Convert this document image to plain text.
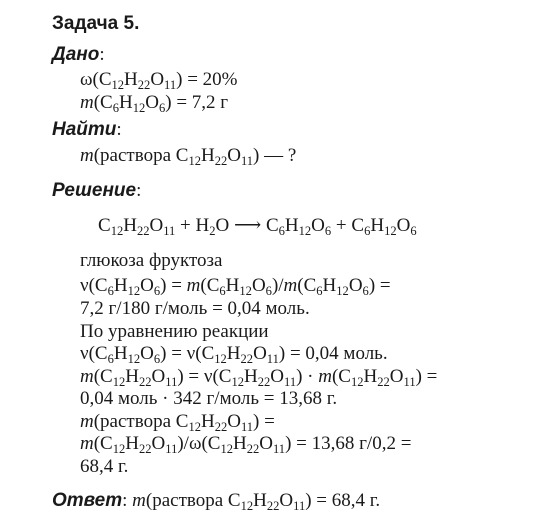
Задача 5.
Дано:
$\omega(C_{12}H_{22}O_{11}) = 20\%$
$m(C_6H_{12}O_6) = 7,2$ г
Найти:
m(раствора $C_{12}H_{22}O_{11}$) — ?
Решение:
$C_{12}H_{22}O_{11} + H_2O$ ⟶ $C_6H_{12}O_6 + C_6H_{12}O_6$
глюкоза фруктоза
$\nu(C_6H_{12}O_6) = m(C_6H_{12}O_6)/m(C_6H_{12}O_6)$ =
7,2 г/180 г/моль = 0,04 моль.
По уравнению реакции
$\nu(C_6H_{12}O_6) = \nu(C_{12}H_{22}O_{11}) = 0,04$ моль.
$m(C_{12}H_{22}O_{11}) = \nu(C_{12}H_{22}O_{11}) \cdot m(C_{12}H_{22}O_{11})$ =
0,04 моль · 342 г/моль = 13,68 г.
m(раствора $C_{12}H_{22}O_{11}$) =
$m(C_{12}H_{22}O_{11})/\omega(C_{12}H_{22}O_{11}) = 13,68$ г/0,2 =
68,4 г.
Ответ: m(раствора $C_{12}H_{22}O_{11}) = 68,4$ г.
